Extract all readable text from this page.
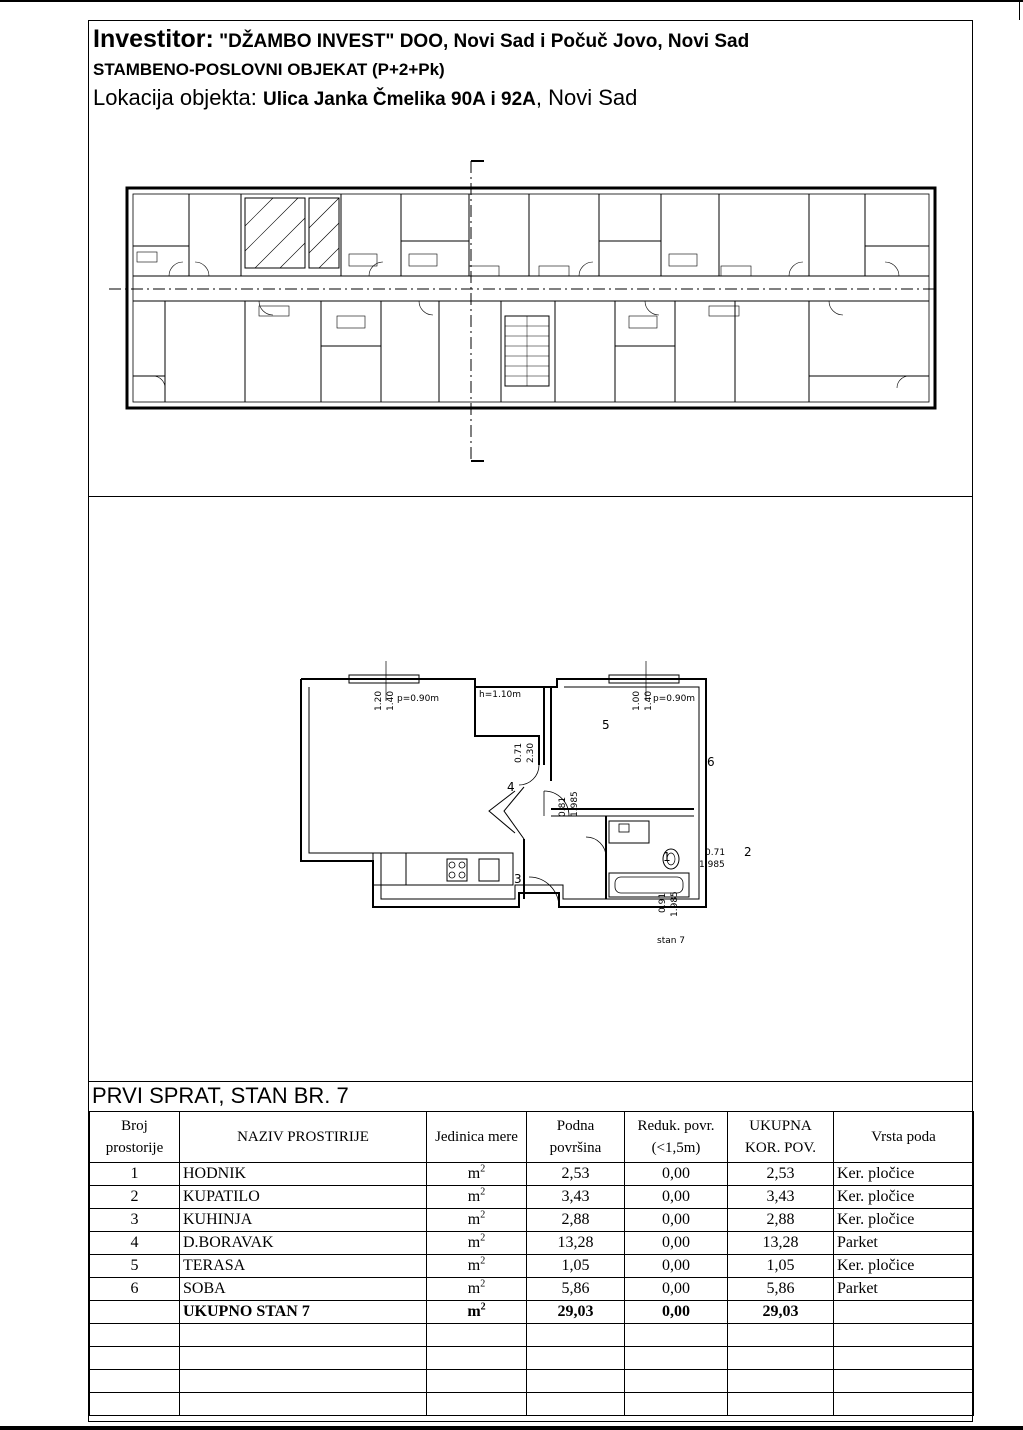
Investitor: "DŽAMBO INVEST" DOO, Novi Sad i Počuč Jovo, Novi Sad
STAMBENO-POSLOVNI OBJEKAT (P+2+Pk)
Lokacija objekta: Ulica Janka Čmelika 90A i 92A, Novi Sad
4
5
6
1	2
3
h=1.10m
p=0.90m	p=0.90m
1.20 1.40	1.00 1.40
0.71 2.30
0.81 1.985
0.71
1.985
0.91 1.985
stan 7
PRVI SPRAT, STAN BR. 7
Broj prostorije	NAZIV PROSTIRIJE	Jedinica mere	Podna površina	Reduk. povr. (<1,5m)	UKUPNA KOR. POV.	Vrsta poda
1	HODNIK	$m^2$	2,53	0,00	2,53	Ker. pločice
2	KUPATILO	$m^2$	3,43	0,00	3,43	Ker. pločice
3	KUHINJA	$m^2$	2,88	0,00	2,88	Ker. pločice
4	D.BORAVAK	$m^2$	13,28	0,00	13,28	Parket
5	TERASA	$m^2$	1,05	0,00	1,05	Ker. pločice
6	SOBA	$m^2$	5,86	0,00	5,86	Parket
	UKUPNO STAN 7	$m^2$	29,03	0,00	29,03	
